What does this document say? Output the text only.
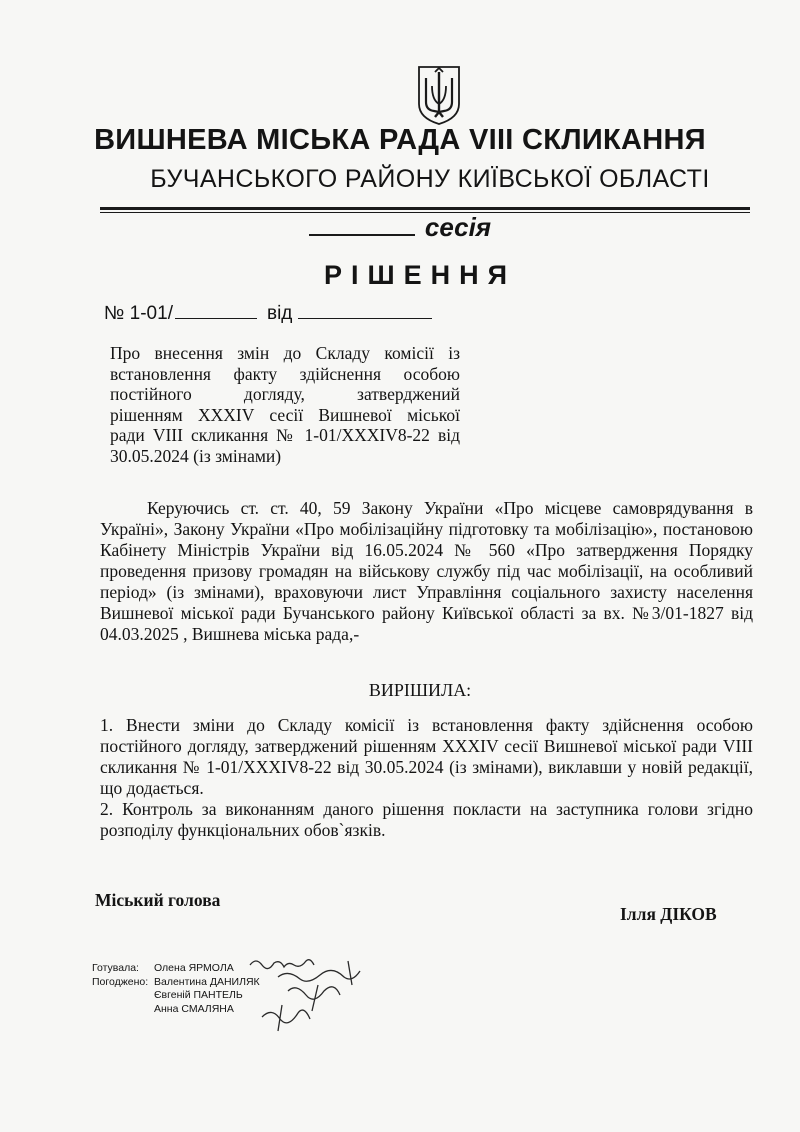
ВИШНЕВА МІСЬКА РАДА VIII СКЛИКАННЯ
БУЧАНСЬКОГО РАЙОНУ КИЇВСЬКОЇ ОБЛАСТІ
сесія
РІШЕННЯ
№ 1-01/	від
Про внесення змін до Складу комісії із
встановлення факту здійснення особою
постійного догляду, затверджений
рішенням XXXIV сесії Вишневої міської
ради VIII скликання № 1-01/XXXIV8-22 від
30.05.2024 (із змінами)

Керуючись ст. ст. 40, 59 Закону України «Про місцеве самоврядування в Україні», Закону України «Про мобілізаційну підготовку та мобілізацію», постановою Кабінету Міністрів України від 16.05.2024 № 560 «Про затвердження Порядку проведення призову громадян на військову службу під час мобілізації, на особливий період» (із змінами), враховуючи лист Управління соціального захисту населення Вишневої міської ради Бучанського району Київської області за вх. №3/01-1827 від 04.03.2025 , Вишнева міська рада,-

ВИРІШИЛА:

1. Внести зміни до Складу комісії із встановлення факту здійснення особою постійного догляду, затверджений рішенням XXXIV сесії Вишневої міської ради VIII скликання № 1-01/XXXIV8-22 від 30.05.2024 (із змінами), виклавши у новій редакції, що додається.

2. Контроль за виконанням даного рішення покласти на заступника голови згідно розподілу функціональних обов`язків.

Міський голова
Ілля ДІКОВ
Готувала: Олена ЯРМОЛА
Погоджено: Валентина ДАНИЛЯК
Євгеній ПАНТЕЛЬ
Анна СМАЛЯНА
